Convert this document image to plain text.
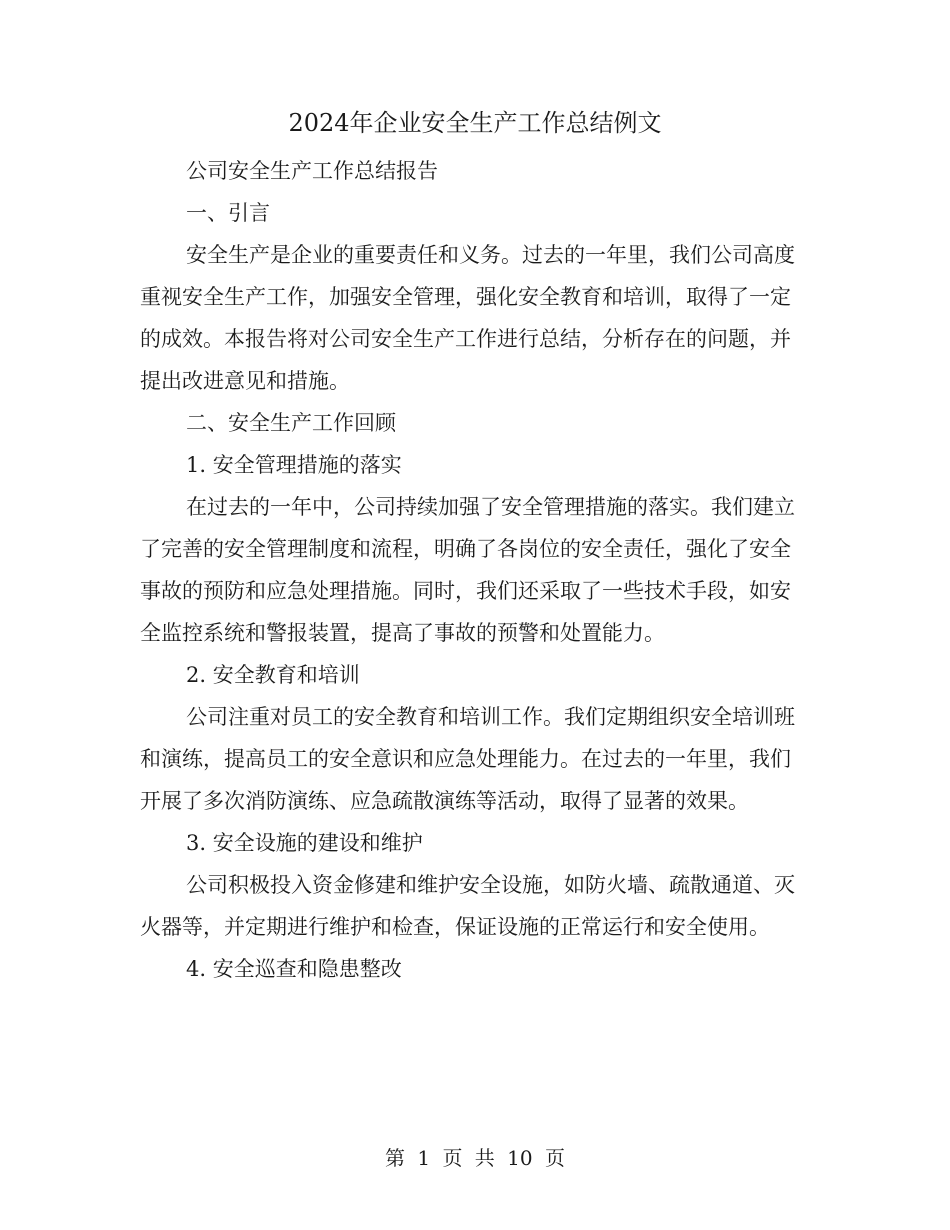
2024年企业安全生产工作总结例文

公司安全生产工作总结报告

一、引言

安全生产是企业的重要责任和义务。过去的一年里，我们公司高度重视安全生产工作，加强安全管理，强化安全教育和培训，取得了一定的成效。本报告将对公司安全生产工作进行总结，分析存在的问题，并提出改进意见和措施。

二、安全生产工作回顾

1. 安全管理措施的落实

在过去的一年中，公司持续加强了安全管理措施的落实。我们建立了完善的安全管理制度和流程，明确了各岗位的安全责任，强化了安全事故的预防和应急处理措施。同时，我们还采取了一些技术手段，如安全监控系统和警报装置，提高了事故的预警和处置能力。

2. 安全教育和培训

公司注重对员工的安全教育和培训工作。我们定期组织安全培训班和演练，提高员工的安全意识和应急处理能力。在过去的一年里，我们开展了多次消防演练、应急疏散演练等活动，取得了显著的效果。

3. 安全设施的建设和维护

公司积极投入资金修建和维护安全设施，如防火墙、疏散通道、灭火器等，并定期进行维护和检查，保证设施的正常运行和安全使用。

4. 安全巡查和隐患整改

第 1 页 共 10 页
